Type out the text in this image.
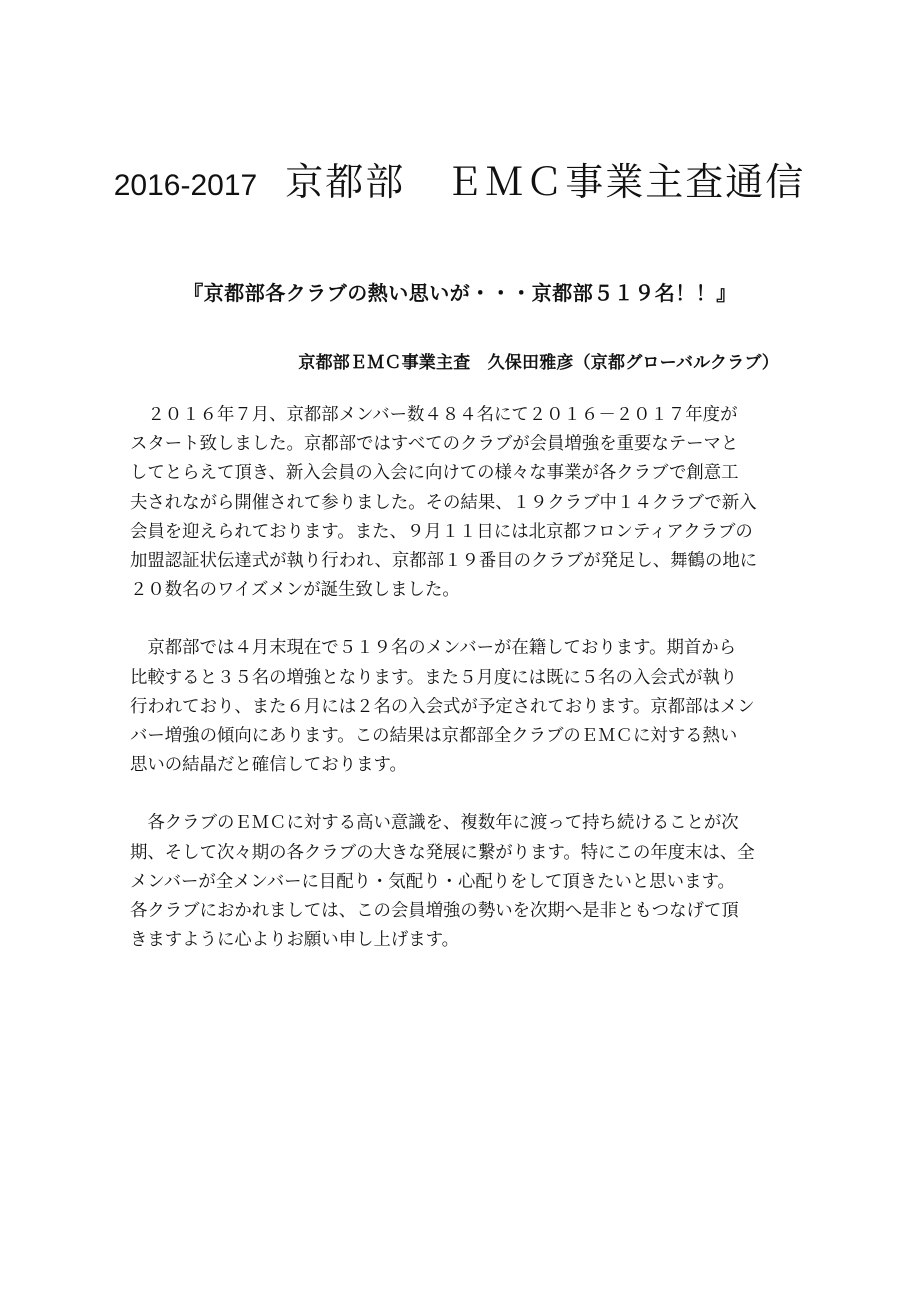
2016-2017 京都部　ＥＭＣ事業主査通信
『京都部各クラブの熱い思いが・・・京都部５１９名！！』
京都部ＥＭＣ事業主査　久保田雅彦（京都グローバルクラブ）

　２０１６年７月、京都部メンバー数４８４名にて２０１６－２０１７年度が
スタート致しました。京都部ではすべてのクラブが会員増強を重要なテーマと
してとらえて頂き、新入会員の入会に向けての様々な事業が各クラブで創意工
夫されながら開催されて参りました。その結果、１９クラブ中１４クラブで新入
会員を迎えられております。また、９月１１日には北京都フロンティアクラブの
加盟認証状伝達式が執り行われ、京都部１９番目のクラブが発足し、舞鶴の地に
２０数名のワイズメンが誕生致しました。

　京都部では４月末現在で５１９名のメンバーが在籍しております。期首から
比較すると３５名の増強となります。また５月度には既に５名の入会式が執り
行われており、また６月には２名の入会式が予定されております。京都部はメン
バー増強の傾向にあります。この結果は京都部全クラブのＥＭＣに対する熱い
思いの結晶だと確信しております。

　各クラブのＥＭＣに対する高い意識を、複数年に渡って持ち続けることが次
期、そして次々期の各クラブの大きな発展に繋がります。特にこの年度末は、全
メンバーが全メンバーに目配り・気配り・心配りをして頂きたいと思います。
各クラブにおかれましては、この会員増強の勢いを次期へ是非ともつなげて頂
きますように心よりお願い申し上げます。
